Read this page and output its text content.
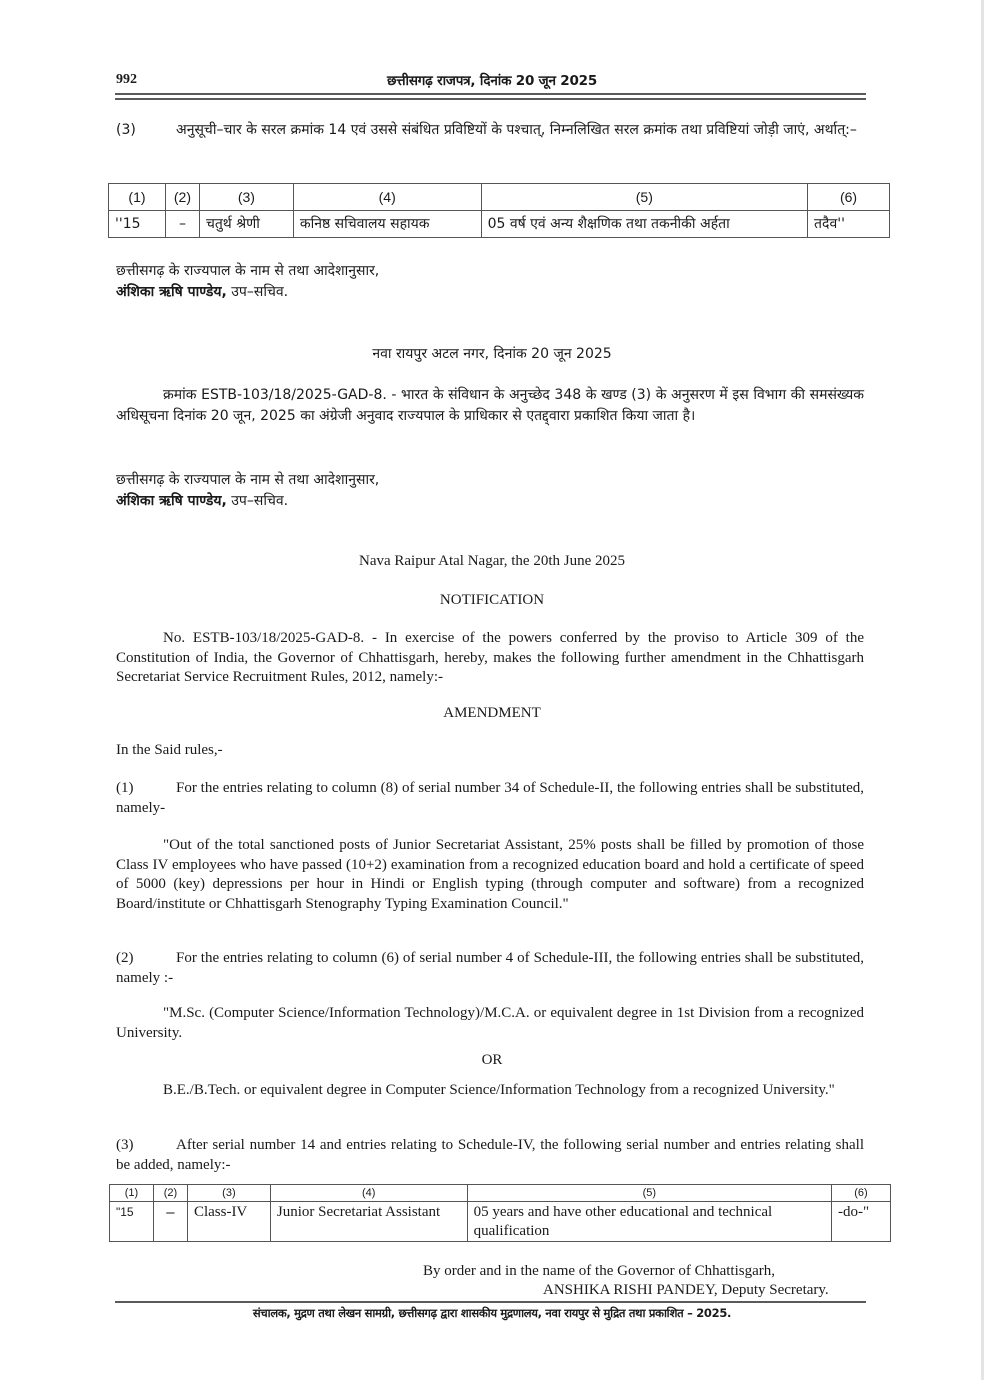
992	छत्तीसगढ़ राजपत्र, दिनांक 20 जून 2025
(3)	अनुसूची–चार के सरल क्रमांक 14 एवं उससे संबंधित प्रविष्टियों के पश्चात्, निम्नलिखित सरल क्रमांक तथा प्रविष्टियां जोड़ी जाएं, अर्थात्:–
(1)	(2)	(3)	(4)	(5)	(6)
''15	–	चतुर्थ श्रेणी	कनिष्ठ सचिवालय सहायक	05 वर्ष एवं अन्य शैक्षणिक तथा तकनीकी अर्हता	तदैव''
छत्तीसगढ़ के राज्यपाल के नाम से तथा आदेशानुसार,
अंशिका ऋषि पाण्डेय, उप–सचिव.
नवा रायपुर अटल नगर, दिनांक 20 जून 2025
क्रमांक ESTB-103/18/2025-GAD-8. - भारत के संविधान के अनुच्छेद 348 के खण्ड (3) के अनुसरण में इस विभाग की समसंख्यक अधिसूचना दिनांक 20 जून, 2025 का अंग्रेजी अनुवाद राज्यपाल के प्राधिकार से एतद्द्वारा प्रकाशित किया जाता है।
छत्तीसगढ़ के राज्यपाल के नाम से तथा आदेशानुसार,
अंशिका ऋषि पाण्डेय, उप–सचिव.
Nava Raipur Atal Nagar, the 20th June 2025
NOTIFICATION
No. ESTB-103/18/2025-GAD-8. - In exercise of the powers conferred by the proviso to Article 309 of the Constitution of India, the Governor of Chhattisgarh, hereby, makes the following further amendment in the Chhattisgarh Secretariat Service Recruitment Rules, 2012, namely:-
AMENDMENT
In the Said rules,-
(1)	For the entries relating to column (8) of serial number 34 of Schedule-II, the following entries shall be substituted, namely-
"Out of the total sanctioned posts of Junior Secretariat Assistant, 25% posts shall be filled by promotion of those Class IV employees who have passed (10+2) examination from a recognized education board and hold a certificate of speed of 5000 (key) depressions per hour in Hindi or English typing (through computer and software) from a recognized Board/institute or Chhattisgarh Stenography Typing Examination Council."
(2)	For the entries relating to column (6) of serial number 4 of Schedule-III, the following entries shall be substituted, namely :-
"M.Sc. (Computer Science/Information Technology)/M.C.A. or equivalent degree in 1st Division from a recognized University.
OR
B.E./B.Tech. or equivalent degree in Computer Science/Information Technology from a recognized University."
(3)	After serial number 14 and entries relating to Schedule-IV, the following serial number and entries relating shall be added, namely:-
(1)	(2)	(3)	(4)	(5)	(6)
"15	–	Class-IV	Junior Secretariat Assistant	05 years and have other educational and technical qualification	-do-"
By order and in the name of the Governor of Chhattisgarh,
ANSHIKA RISHI PANDEY, Deputy Secretary.
संचालक, मुद्रण तथा लेखन सामग्री, छत्तीसगढ़ द्वारा शासकीय मुद्रणालय, नवा रायपुर से मुद्रित तथा प्रकाशित – 2025.
